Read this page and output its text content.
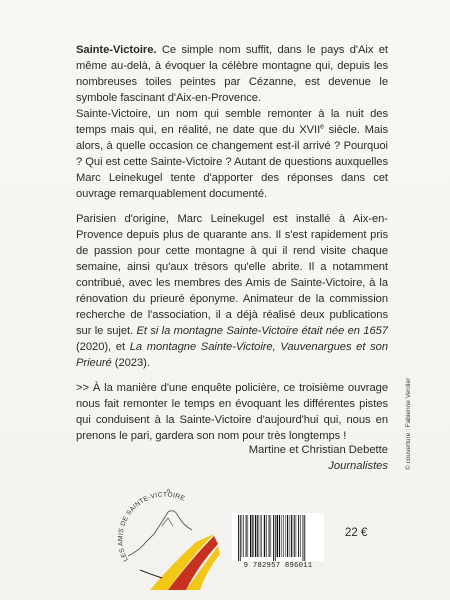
Sainte-Victoire. Ce simple nom suffit, dans le pays d'Aix et même au-delà, à évoquer la célèbre montagne qui, depuis les nombreuses toiles peintes par Cézanne, est devenue le symbole fascinant d'Aix-en-Provence.

Sainte-Victoire, un nom qui semble remonter à la nuit des temps mais qui, en réalité, ne date que du XVIIe siècle. Mais alors, à quelle occasion ce changement est-il arrivé ? Pourquoi ? Qui est cette Sainte-Victoire ? Autant de questions auxquelles Marc Leinekugel tente d'apporter des réponses dans cet ouvrage remarquablement documenté.

Parisien d'origine, Marc Leinekugel est installé à Aix-en-Provence depuis plus de quarante ans. Il s'est rapidement pris de passion pour cette montagne à qui il rend visite chaque semaine, ainsi qu'aux trésors qu'elle abrite. Il a notamment contribué, avec les membres des Amis de Sainte-Victoire, à la rénovation du prieuré éponyme. Animateur de la commission recherche de l'association, il a déjà réalisé deux publications sur le sujet. Et si la montagne Sainte-Victoire était née en 1657 (2020), et La montagne Sainte-Victoire, Vauvenargues et son Prieuré (2023).

>> À la manière d'une enquête policière, ce troisième ouvrage nous fait remonter le temps en évoquant les différentes pistes qui conduisent à la Sainte-Victoire d'aujourd'hui qui, nous en prenons le pari, gardera son nom pour très longtemps !

Martine et Christian Debette
Journalistes	© couverture : Fabienne Verdier
LES AMIS DE SAINTE-VICTOIRE
9 782957 896011
22 €
